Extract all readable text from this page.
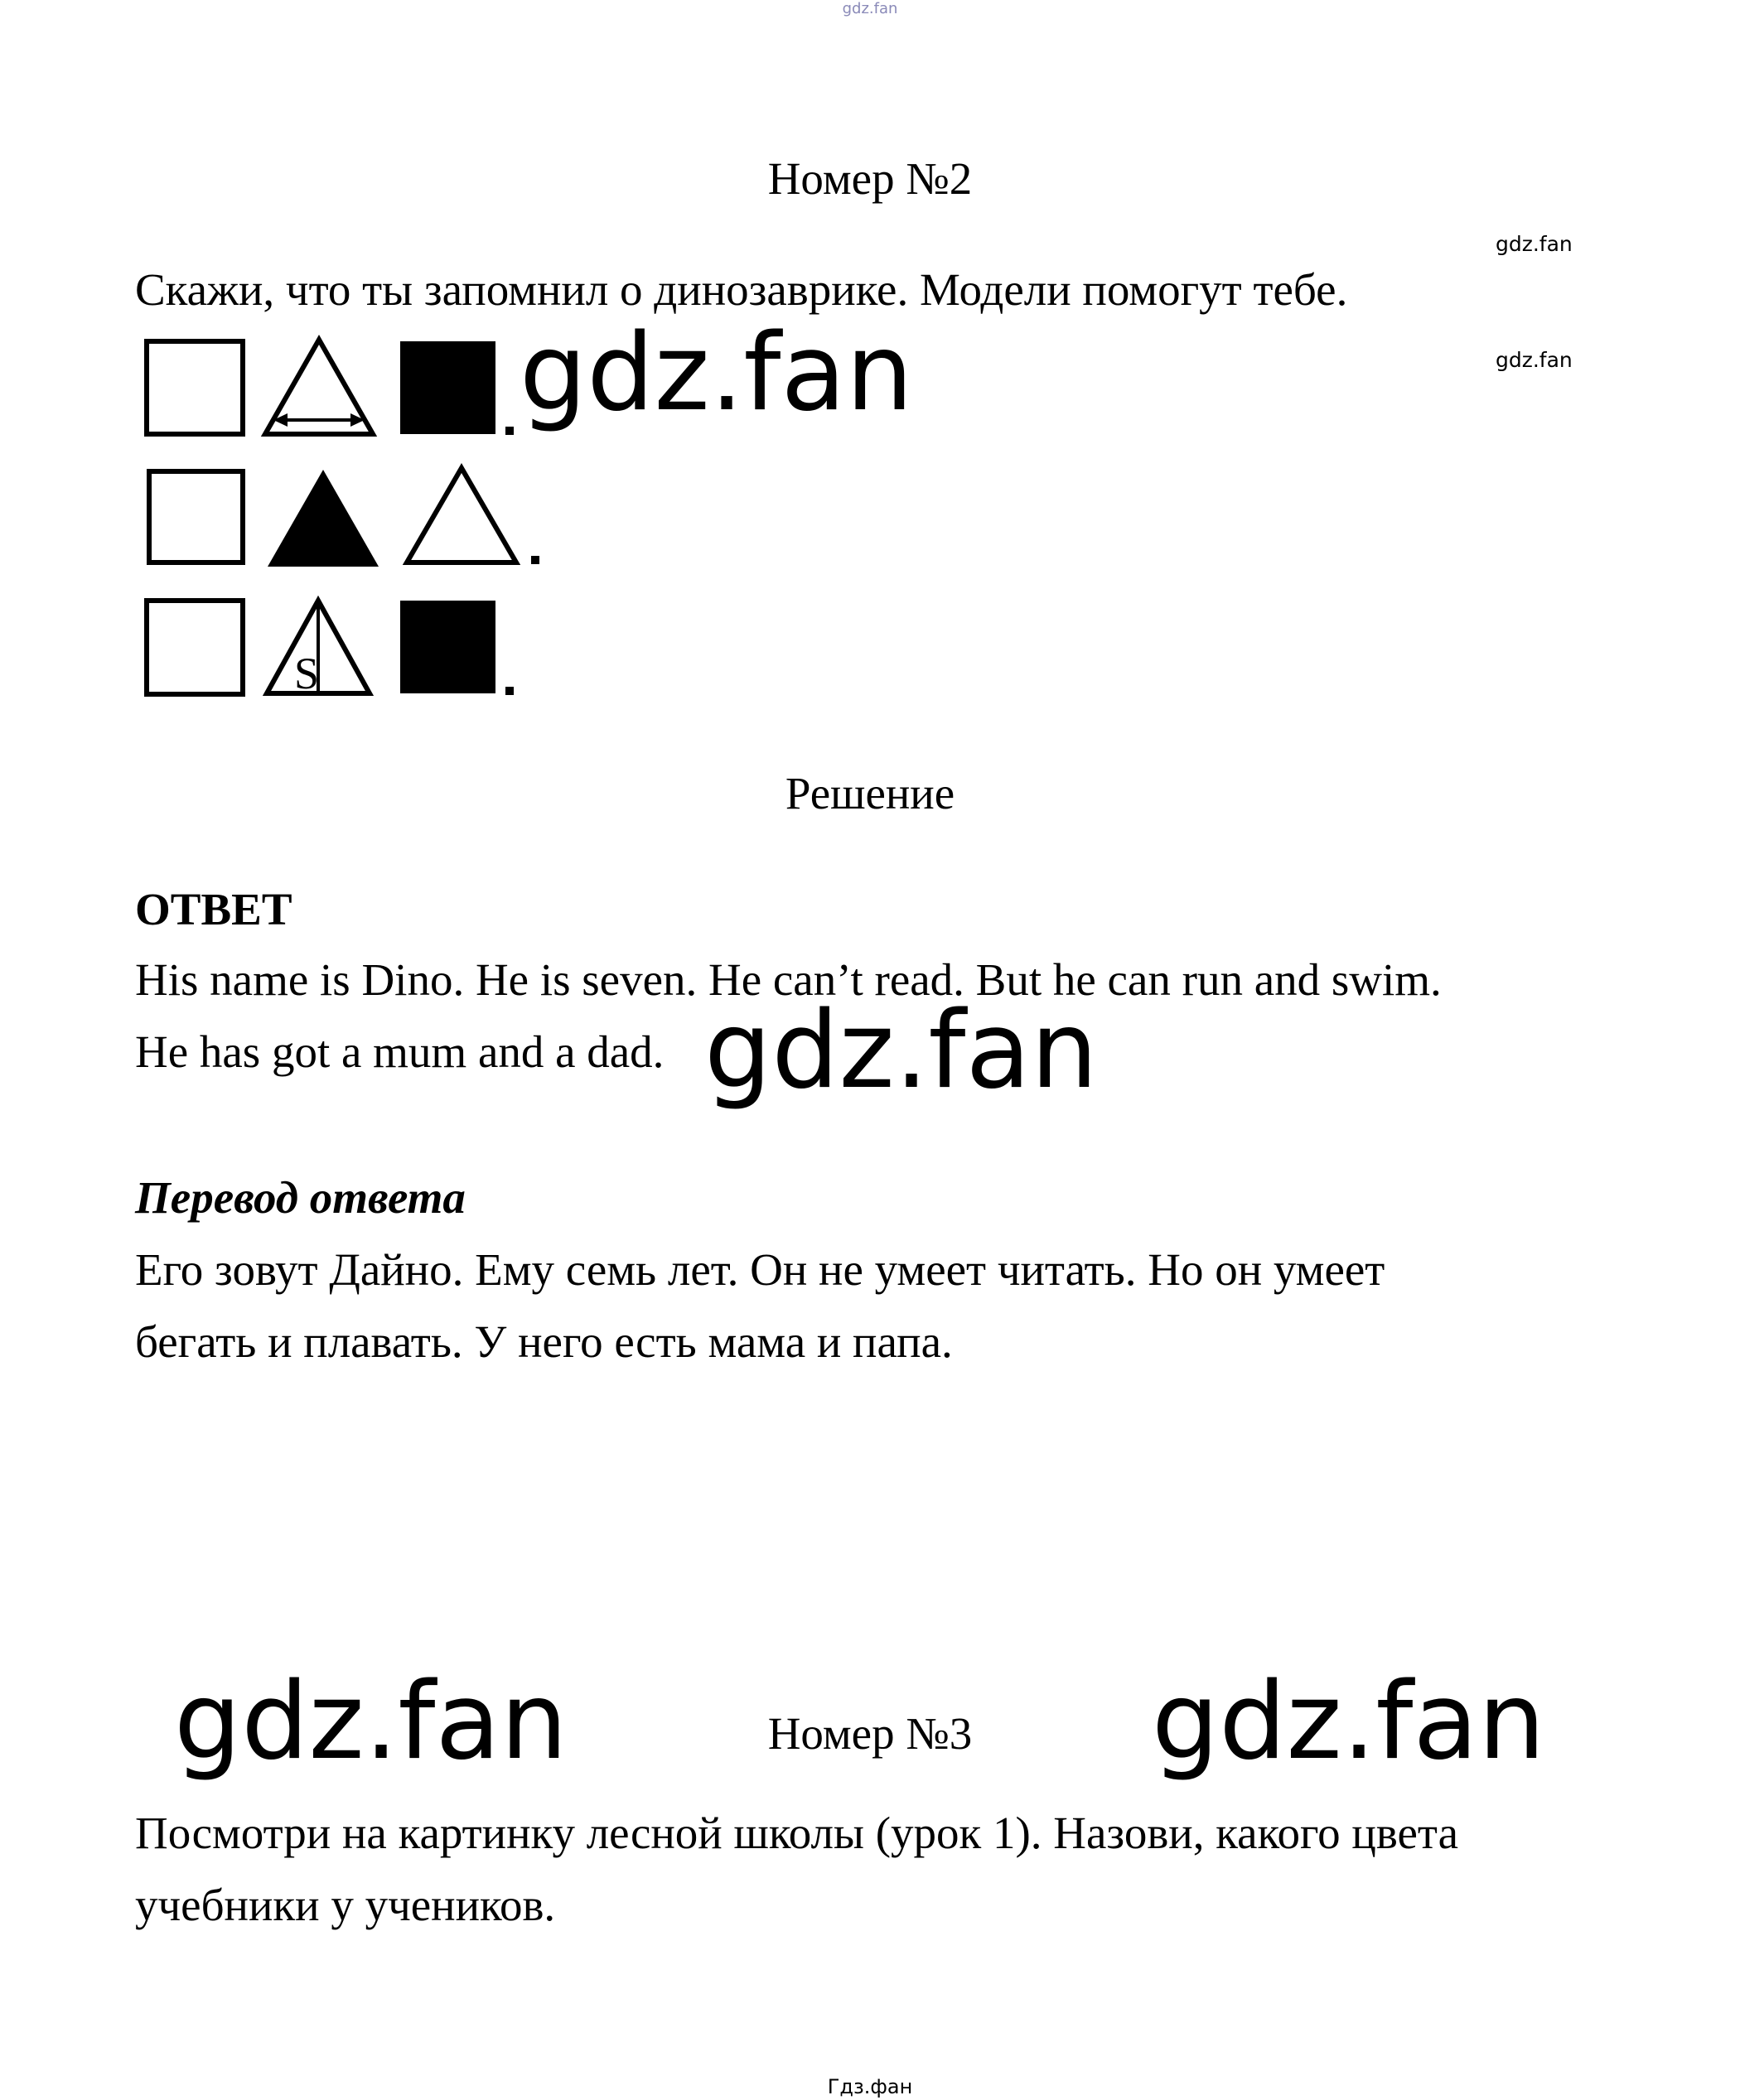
gdz.fan
Номер №2
gdz.fan
Скажи, что ты запомнил о динозаврике. Модели помогут тебе.
gdz.fan
S
gdz.fan
Решение
ОТВЕТ
His name is Dino. He is seven. He can’t read. But he can run and swim.
He has got a mum and a dad. gdz.fan
Перевод ответа
Его зовут Дайно. Ему семь лет. Он не умеет читать. Но он умеет
бегать и плавать. У него есть мама и папа.
gdz.fan	Номер №3	gdz.fan
Посмотри на картинку лесной школы (урок 1). Назови, какого цвета
учебники у учеников.
Гдз.фан
